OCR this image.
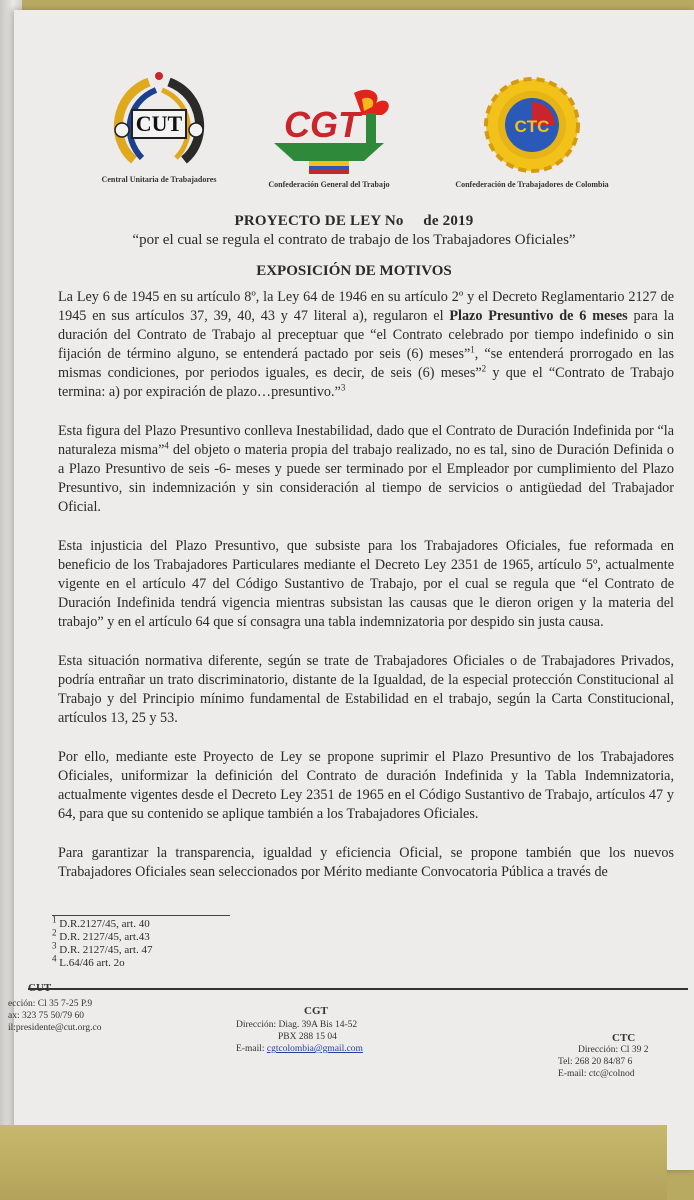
CUT
Central Unitaria de Trabajadores
CGT
Confederación General del Trabajo
CTC
Confederación de Trabajadores de Colombia
PROYECTO DE LEY No     de 2019
“por el cual se regula el contrato de trabajo de los Trabajadores Oficiales”
EXPOSICIÓN DE MOTIVOS

La Ley 6 de 1945 en su artículo 8º, la Ley 64 de 1946 en su artículo 2º y el Decreto Reglamentario 2127 de 1945 en sus artículos 37, 39, 40, 43 y 47 literal a), regularon el Plazo Presuntivo de 6 meses para la duración del Contrato de Trabajo al preceptuar que “el Contrato celebrado por tiempo indefinido o sin fijación de término alguno, se entenderá pactado por seis (6) meses”$^1$, “se entenderá prorrogado en las mismas condiciones, por periodos iguales, es decir, de seis (6) meses”$^2$ y que el “Contrato de Trabajo termina: a) por expiración de plazo…presuntivo.”$^3$

Esta figura del Plazo Presuntivo conlleva Inestabilidad, dado que el Contrato de Duración Indefinida por “la naturaleza misma”$^4$ del objeto o materia propia del trabajo realizado, no es tal, sino de Duración Definida o a Plazo Presuntivo de seis -6- meses y puede ser terminado por el Empleador por cumplimiento del Plazo Presuntivo, sin indemnización y sin consideración al tiempo de servicios o antigüedad del Trabajador Oficial.

Esta injusticia del Plazo Presuntivo, que subsiste para los Trabajadores Oficiales, fue reformada en beneficio de los Trabajadores Particulares mediante el Decreto Ley 2351 de 1965, artículo 5º, actualmente vigente en el artículo 47 del Código Sustantivo de Trabajo, por el cual se regula que “el Contrato de Duración Indefinida tendrá vigencia mientras subsistan las causas que le dieron origen y la materia del trabajo” y en el artículo 64 que sí consagra una tabla indemnizatoria por despido sin justa causa.

Esta situación normativa diferente, según se trate de Trabajadores Oficiales o de Trabajadores Privados, podría entrañar un trato discriminatorio, distante de la Igualdad, de la especial protección Constitucional al Trabajo y del Principio mínimo fundamental de Estabilidad en el trabajo, según la Carta Constitucional, artículos 13, 25 y 53.

Por ello, mediante este Proyecto de Ley se propone suprimir el Plazo Presuntivo de los Trabajadores Oficiales, uniformizar la definición del Contrato de duración Indefinida y la Tabla Indemnizatoria, actualmente vigentes desde el Decreto Ley 2351 de 1965 en el Código Sustantivo de Trabajo, artículos 47 y 64, para que su contenido se aplique también a los Trabajadores Oficiales.

Para garantizar la transparencia, igualdad y eficiencia Oficial, se propone también que los nuevos Trabajadores Oficiales sean seleccionados por Mérito mediante Convocatoria Pública a través de

$^1$ D.R.2127/45, art. 40
$^2$ D.R. 2127/45, art.43
$^3$ D.R. 2127/45, art. 47
$^4$ L.64/46 art. 2o
CUT
ección: Cl 35 7-25 P.9
ax: 323 75 50/79 60
il:presidente@cut.org.co
CGT
Dirección: Diag. 39A Bis 14-52
PBX 288 15 04
E-mail: cgtcolombia@gmail.com
CTC
Dirección: Cl 39 2
Tel: 268 20 84/87 6
E-mail: ctc@colnod
